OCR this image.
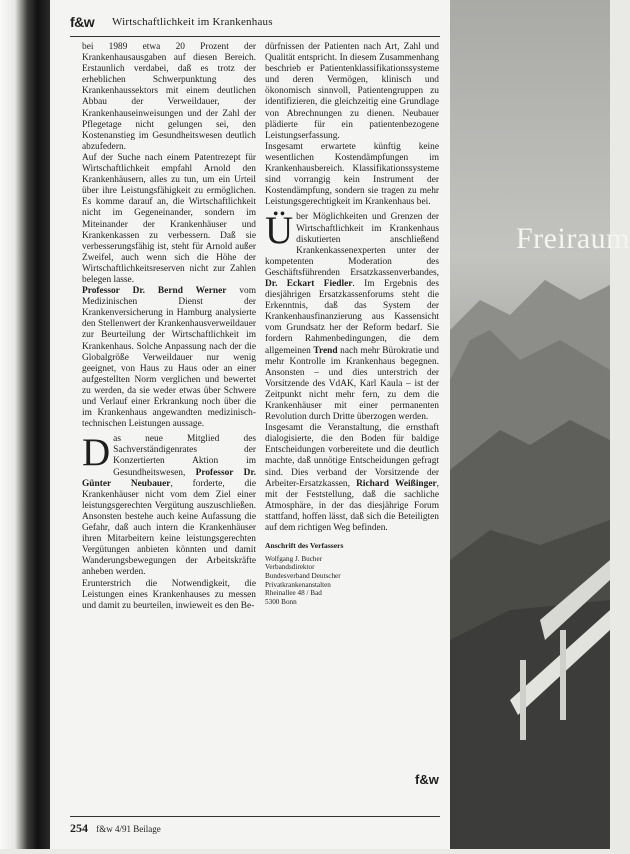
f&w Wirtschaftlichkeit im Krankenhaus

bei 1989 etwa 20 Prozent der Krankenhausausgaben auf diesen Bereich. Erstaunlich verdabei, daß es trotz der erheblichen Schwerpunktung des Krankenhaussektors mit einem deutlichen Abbau der Verweildauer, der Krankenhauseinweisungen und der Zahl der Pflegetage nicht gelungen sei, den Kostenanstieg im Gesundheitswesen deutlich abzufedern.

Auf der Suche nach einem Patentrezept für Wirtschaftlichkeit empfahl Arnold den Krankenhäusern, alles zu tun, um ein Urteil über ihre Leistungsfähigkeit zu ermöglichen. Es komme darauf an, die Wirtschaftlichkeit nicht im Gegeneinander, sondern im Miteinander der Krankenhäuser und Krankenkassen zu verbessern. Daß sie verbesserungsfähig ist, steht für Arnold außer Zweifel, auch wenn sich die Höhe der Wirtschaftlichkeitsreserven nicht zur Zahlen belegen lasse.

Professor Dr. Bernd Werner vom Medizinischen Dienst der Krankenversicherung in Hamburg analysierte den Stellenwert der Krankenhausverweildauer zur Beurteilung der Wirtschaftlichkeit im Krankenhaus. Solche Anpassung nach der die Globalgröße Verweildauer nur wenig geeignet, von Haus zu Haus oder an einer aufgestellten Norm verglichen und bewertet zu werden, da sie weder etwas über Schwere und Verlauf einer Erkrankung noch über die im Krankenhaus angewandten medizinisch-technischen Leistungen aussage.

Das neue Mitglied des Sachverständigenrates der Konzertierten Aktion im Gesundheitswesen, Professor Dr. Günter Neubauer, forderte, die Krankenhäuser nicht vom dem Ziel einer leistungsgerechten Vergütung auszuschließen. Ansonsten bestehe auch keine Aufassung die Gefahr, daß auch intern die Krankenhäuser ihren Mitarbeitern keine leistungsgerechten Vergütungen anbieten könnten und damit Wanderungsbewegungen der Arbeitskräfte anheben werden.

Erunterstrich die Notwendigkeit, die Leistungen eines Krankenhauses zu messen und damit zu beurteilen, inwieweit es den Be-

dürfnissen der Patienten nach Art, Zahl und Qualität entspricht. In diesem Zusammenhang beschrieb er Patientenklassifikationssysteme und deren Vermögen, klinisch und ökonomisch sinnvoll, Patientengruppen zu identifizieren, die gleichzeitig eine Grundlage von Abrechnungen zu dienen. Neubauer plädierte für ein patientenbezogene Leistungserfassung.

Insgesamt erwartete künftig keine wesentlichen Kostendämpfungen im Krankenhausbereich. Klassifikationssysteme sind vorrangig kein Instrument der Kostendämpfung, sondern sie tragen zu mehr Leistungsgerechtigkeit im Krankenhaus bei.

Über Möglichkeiten und Grenzen der Wirtschaftlichkeit im Krankenhaus diskutierten anschließend Krankenkassenexperten unter der kompetenten Moderation des Geschäftsführenden Ersatzkassenverbandes, Dr. Eckart Fiedler. Im Ergebnis des diesjährigen Ersatzkassenforums steht die Erkenntnis, daß das System der Krankenhausfinanzierung aus Kassensicht vom Grundsatz her der Reform bedarf. Sie fordern Rahmenbedingungen, die dem allgemeinen Trend nach mehr Bürokratie und mehr Kontrolle im Krankenhaus begegnen. Ansonsten – und dies unterstrich der Vorsitzende des VdAK, Karl Kaula – ist der Zeitpunkt nicht mehr fern, zu dem die Krankenhäuser mit einer permanenten Revolution durch Dritte überzogen werden.

Insgesamt die Veranstaltung, die ernsthaft dialogisierte, die den Boden für baldige Entscheidungen vorbereitete und die deutlich machte, daß unnötige Entscheidungen gefragt sind. Dies verband der Vorsitzende der Arbeiter-Ersatzkassen, Richard Weißinger, mit der Feststellung, daß die sachliche Atmosphäre, in der das diesjährige Forum stattfand, hoffen lässt, daß sich die Beteiligten auf dem richtigen Weg befinden.

Anschrift des Verfassers
Wolfgang J. Bucher
Verbandsdirektor
Bundesverband Deutscher
Privatkrankenanstalten
Rheinallee 48 / Bad
5300 Bonn
f&w
254 f&w 4/91 Beilage
Freiraum
